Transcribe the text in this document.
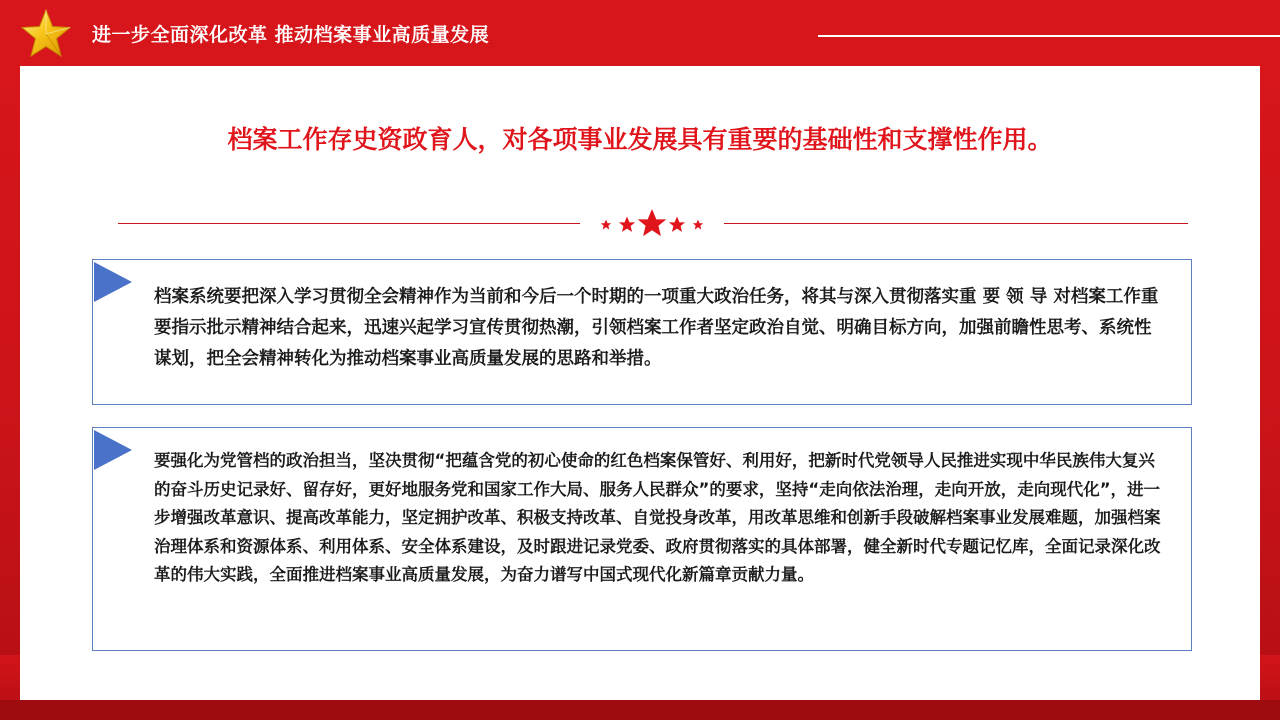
进一步全面深化改革 推动档案事业高质量发展
档案工作存史资政育人，对各项事业发展具有重要的基础性和支撑性作用。
档案系统要把深入学习贯彻全会精神作为当前和今后一个时期的一项重大政治任务，将其与深入贯彻落实重 要 领 导 对档案工作重要指示批示精神结合起来，迅速兴起学习宣传贯彻热潮，引领档案工作者坚定政治自觉、明确目标方向，加强前瞻性思考、系统性谋划，把全会精神转化为推动档案事业高质量发展的思路和举措。
要强化为党管档的政治担当，坚决贯彻“把蕴含党的初心使命的红色档案保管好、利用好，把新时代党领导人民推进实现中华民族伟大复兴的奋斗历史记录好、留存好，更好地服务党和国家工作大局、服务人民群众”的要求，坚持“走向依法治理，走向开放，走向现代化”，进一步增强改革意识、提高改革能力，坚定拥护改革、积极支持改革、自觉投身改革，用改革思维和创新手段破解档案事业发展难题，加强档案治理体系和资源体系、利用体系、安全体系建设，及时跟进记录党委、政府贯彻落实的具体部署，健全新时代专题记忆库，全面记录深化改革的伟大实践，全面推进档案事业高质量发展，为奋力谱写中国式现代化新篇章贡献力量。
